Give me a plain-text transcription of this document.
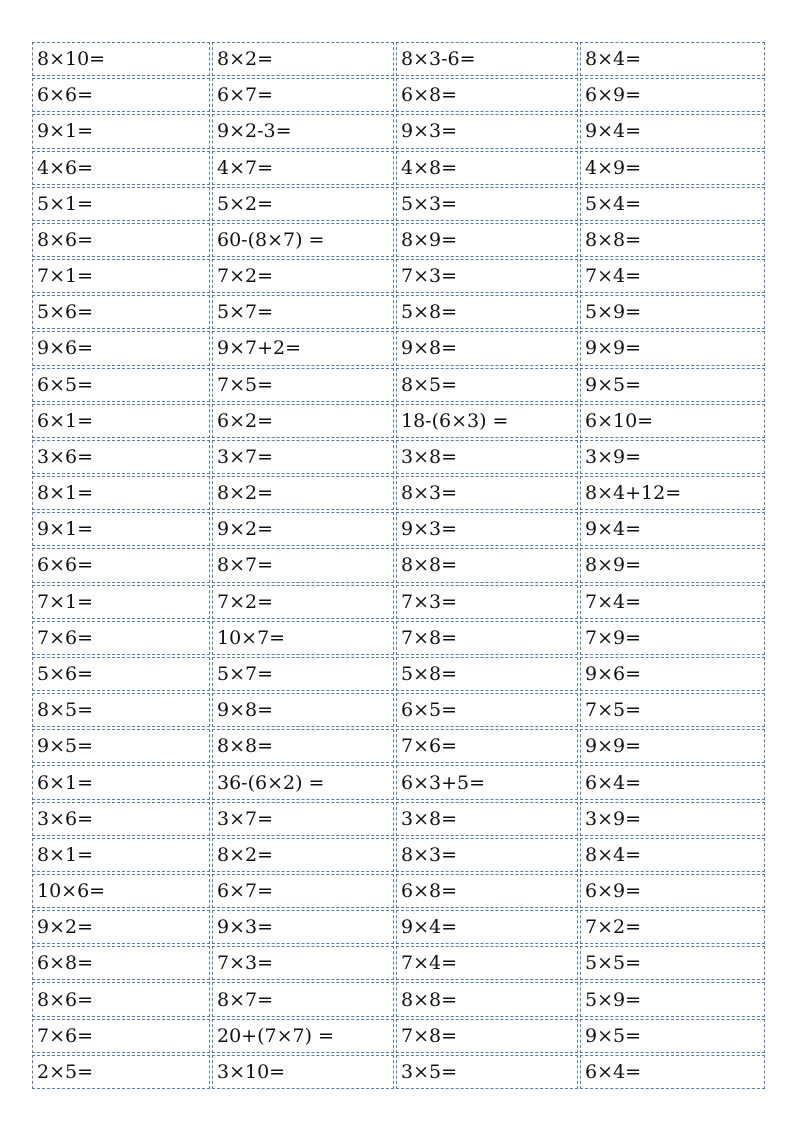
8×10=	8×2=	8×3-6=	8×4=
6×6=	6×7=	6×8=	6×9=
9×1=	9×2-3=	9×3=	9×4=
4×6=	4×7=	4×8=	4×9=
5×1=	5×2=	5×3=	5×4=
8×6=	60-(8×7) =	8×9=	8×8=
7×1=	7×2=	7×3=	7×4=
5×6=	5×7=	5×8=	5×9=
9×6=	9×7+2=	9×8=	9×9=
6×5=	7×5=	8×5=	9×5=
6×1=	6×2=	18-(6×3) =	6×10=
3×6=	3×7=	3×8=	3×9=
8×1=	8×2=	8×3=	8×4+12=
9×1=	9×2=	9×3=	9×4=
6×6=	8×7=	8×8=	8×9=
7×1=	7×2=	7×3=	7×4=
7×6=	10×7=	7×8=	7×9=
5×6=	5×7=	5×8=	9×6=
8×5=	9×8=	6×5=	7×5=
9×5=	8×8=	7×6=	9×9=
6×1=	36-(6×2) =	6×3+5=	6×4=
3×6=	3×7=	3×8=	3×9=
8×1=	8×2=	8×3=	8×4=
10×6=	6×7=	6×8=	6×9=
9×2=	9×3=	9×4=	7×2=
6×8=	7×3=	7×4=	5×5=
8×6=	8×7=	8×8=	5×9=
7×6=	20+(7×7) =	7×8=	9×5=
2×5=	3×10=	3×5=	6×4=
